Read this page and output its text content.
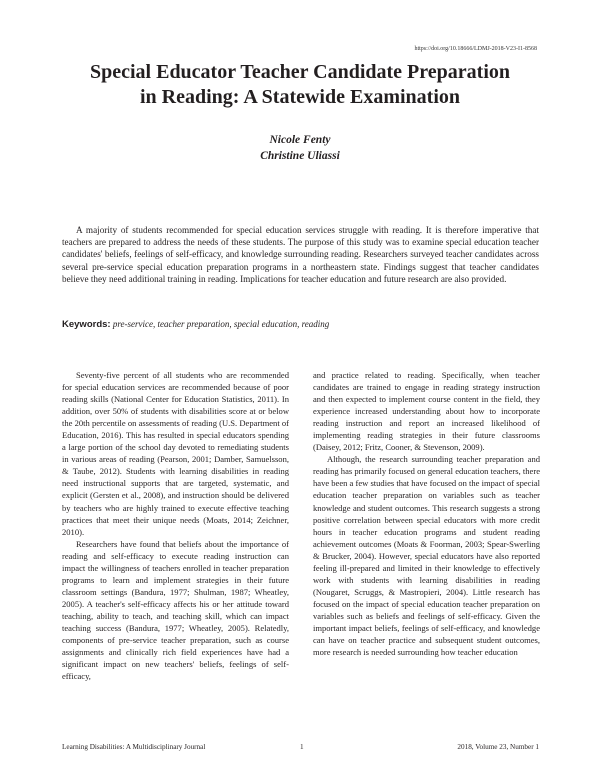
https://doi.org/10.18666/LDMJ-2018-V23-I1-8568
Special Educator Teacher Candidate Preparation
in Reading: A Statewide Examination
Nicole Fenty
Christine Uliassi

A majority of students recommended for special education services struggle with reading. It is therefore imperative that teachers are prepared to address the needs of these students. The purpose of this study was to examine special education teacher candidates' beliefs, feelings of self-efficacy, and knowledge surrounding reading. Researchers surveyed teacher candidates across several pre-service special education preparation programs in a northeastern state. Findings suggest that teacher candidates believe they need additional training in reading. Implications for teacher education and future research are also provided.

Keywords: pre-service, teacher preparation, special education, reading

Seventy-five percent of all students who are recommended for special education services are recommended because of poor reading skills (National Center for Education Statistics, 2011). In addition, over 50% of students with disabilities score at or below the 20th percentile on assessments of reading (U.S. Department of Education, 2016). This has resulted in special educators spending a large portion of the school day devoted to remediating students in various areas of reading (Pearson, 2001; Damber, Samuelsson, & Taube, 2012). Students with learning disabilities in reading need instructional supports that are targeted, systematic, and explicit (Gersten et al., 2008), and instruction should be delivered by teachers who are highly trained to execute effective teaching practices that meet their unique needs (Moats, 2014; Zeichner, 2010).

Researchers have found that beliefs about the importance of reading and self-efficacy to execute reading instruction can impact the willingness of teachers enrolled in teacher preparation programs to learn and implement strategies in their future classroom settings (Bandura, 1977; Shulman, 1987; Wheatley, 2005). A teacher's self-efficacy affects his or her attitude toward teaching, ability to teach, and teaching skill, which can impact teaching success (Bandura, 1977; Wheatley, 2005). Relatedly, components of pre-service teacher preparation, such as course assignments and clinically rich field experiences have had a significant impact on new teachers' beliefs, feelings of self-efficacy,

and practice related to reading. Specifically, when teacher candidates are trained to engage in reading strategy instruction and then expected to implement course content in the field, they experience increased understanding about how to incorporate reading instruction and report an increased likelihood of implementing reading strategies in their future classrooms (Daisey, 2012; Fritz, Cooner, & Stevenson, 2009).

Although, the research surrounding teacher preparation and reading has primarily focused on general education teachers, there have been a few studies that have focused on the impact of special education teacher preparation on variables such as teacher knowledge and student outcomes. This research suggests a strong positive correlation between special educators with more credit hours in teacher education programs and student reading achievement outcomes (Moats & Foorman, 2003; Spear-Swerling & Brucker, 2004). However, special educators have also reported feeling ill-prepared and limited in their knowledge to effectively work with students with learning disabilities in reading (Nougaret, Scruggs, & Mastropieri, 2004). Little research has focused on the impact of special education teacher preparation on variables such as beliefs and feelings of self-efficacy. Given the important impact beliefs, feelings of self-efficacy, and knowledge can have on teacher practice and subsequent student outcomes, more research is needed surrounding how teacher education

Learning Disabilities: A Multidisciplinary Journal	1	2018, Volume 23, Number 1
